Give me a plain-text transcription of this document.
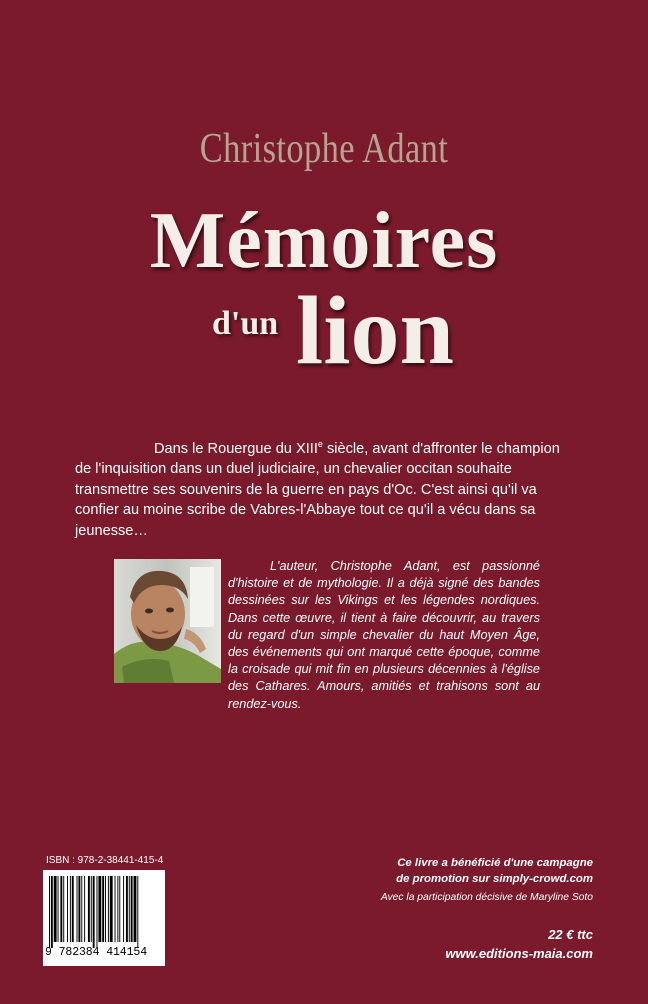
Christophe Adant
Mémoires
d'un lion
Dans le Rouergue du XIIIe siècle, avant d'affronter le champion de l'inquisition dans un duel judiciaire, un chevalier occitan souhaite transmettre ses souvenirs de la guerre en pays d'Oc. C'est ainsi qu'il va confier au moine scribe de Vabres-l'Abbaye tout ce qu'il a vécu dans sa jeunesse…
L'auteur, Christophe Adant, est passionné d'histoire et de mythologie. Il a déjà signé des bandes dessinées sur les Vikings et les légendes nordiques. Dans cette œuvre, il tient à faire découvrir, au travers du regard d'un simple chevalier du haut Moyen Âge, des événements qui ont marqué cette époque, comme la croisade qui mit fin en plusieurs décennies à l'église des Cathares. Amours, amitiés et trahisons sont au rendez-vous.
ISBN : 978-2-38441-415-4
9 782384 414154
Ce livre a bénéficié d'une campagne
de promotion sur simply-crowd.com
Avec la participation décisive de Maryline Soto
22 € ttc
www.editions-maia.com
